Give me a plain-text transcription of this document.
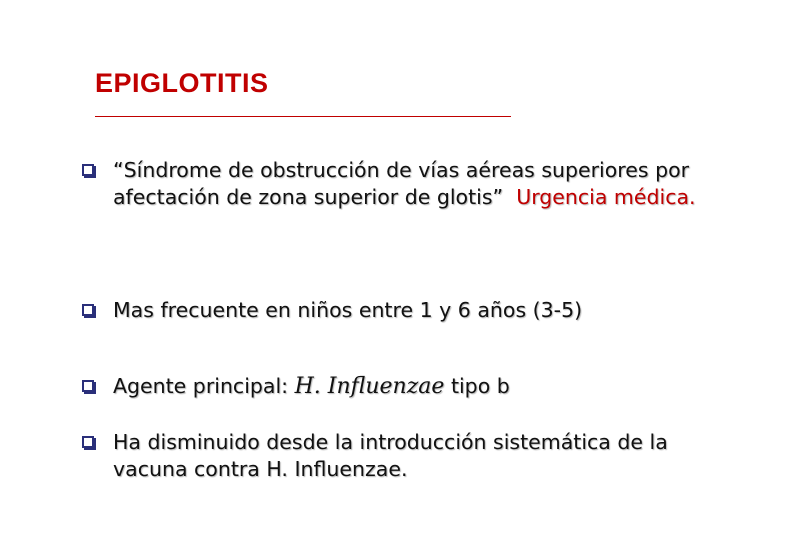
EPIGLOTITIS
“Síndrome de obstrucción de vías aéreas superiores por afectación de zona superior de glotis” Urgencia médica.
Mas frecuente en niños entre 1 y 6 años (3-5)
Agente principal: H. Influenzae tipo b
Ha disminuido desde la introducción sistemática de la vacuna contra H. Influenzae.
